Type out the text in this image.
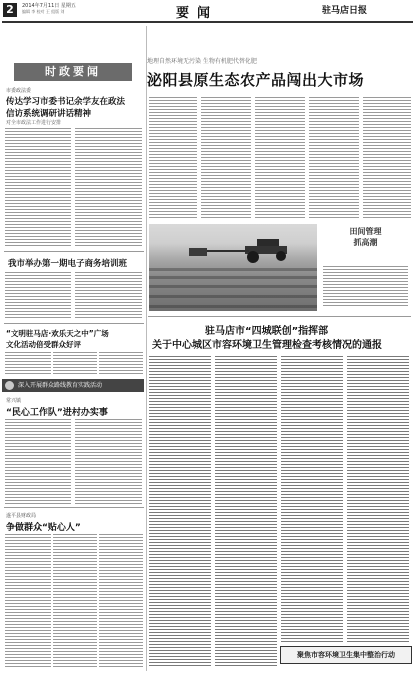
2	2014年7月11日 星期五
编辑 李 校对 王 组版 刘	要闻	驻马店日报
时政要闻
市委政法委
传达学习市委书记余学友在政法
信访系统调研讲话精神
对全市政法工作进行安排
我市举办第一期电子商务培训班
“文明驻马店·欢乐天之中”广场
文化活动倍受群众好评
深入开展群众路线教育实践活动
常兴镇
“民心工作队”进村办实事
遂平县财政局
争做群众“贴心人”
地理自然环境无污染 生物有机肥代替化肥
泌阳县原生态农产品闯出大市场
田间管理
抓高潮
驻马店市“四城联创”指挥部
关于中心城区市容环境卫生管理检查考核情况的通报
聚焦市容环境卫生集中整治行动
